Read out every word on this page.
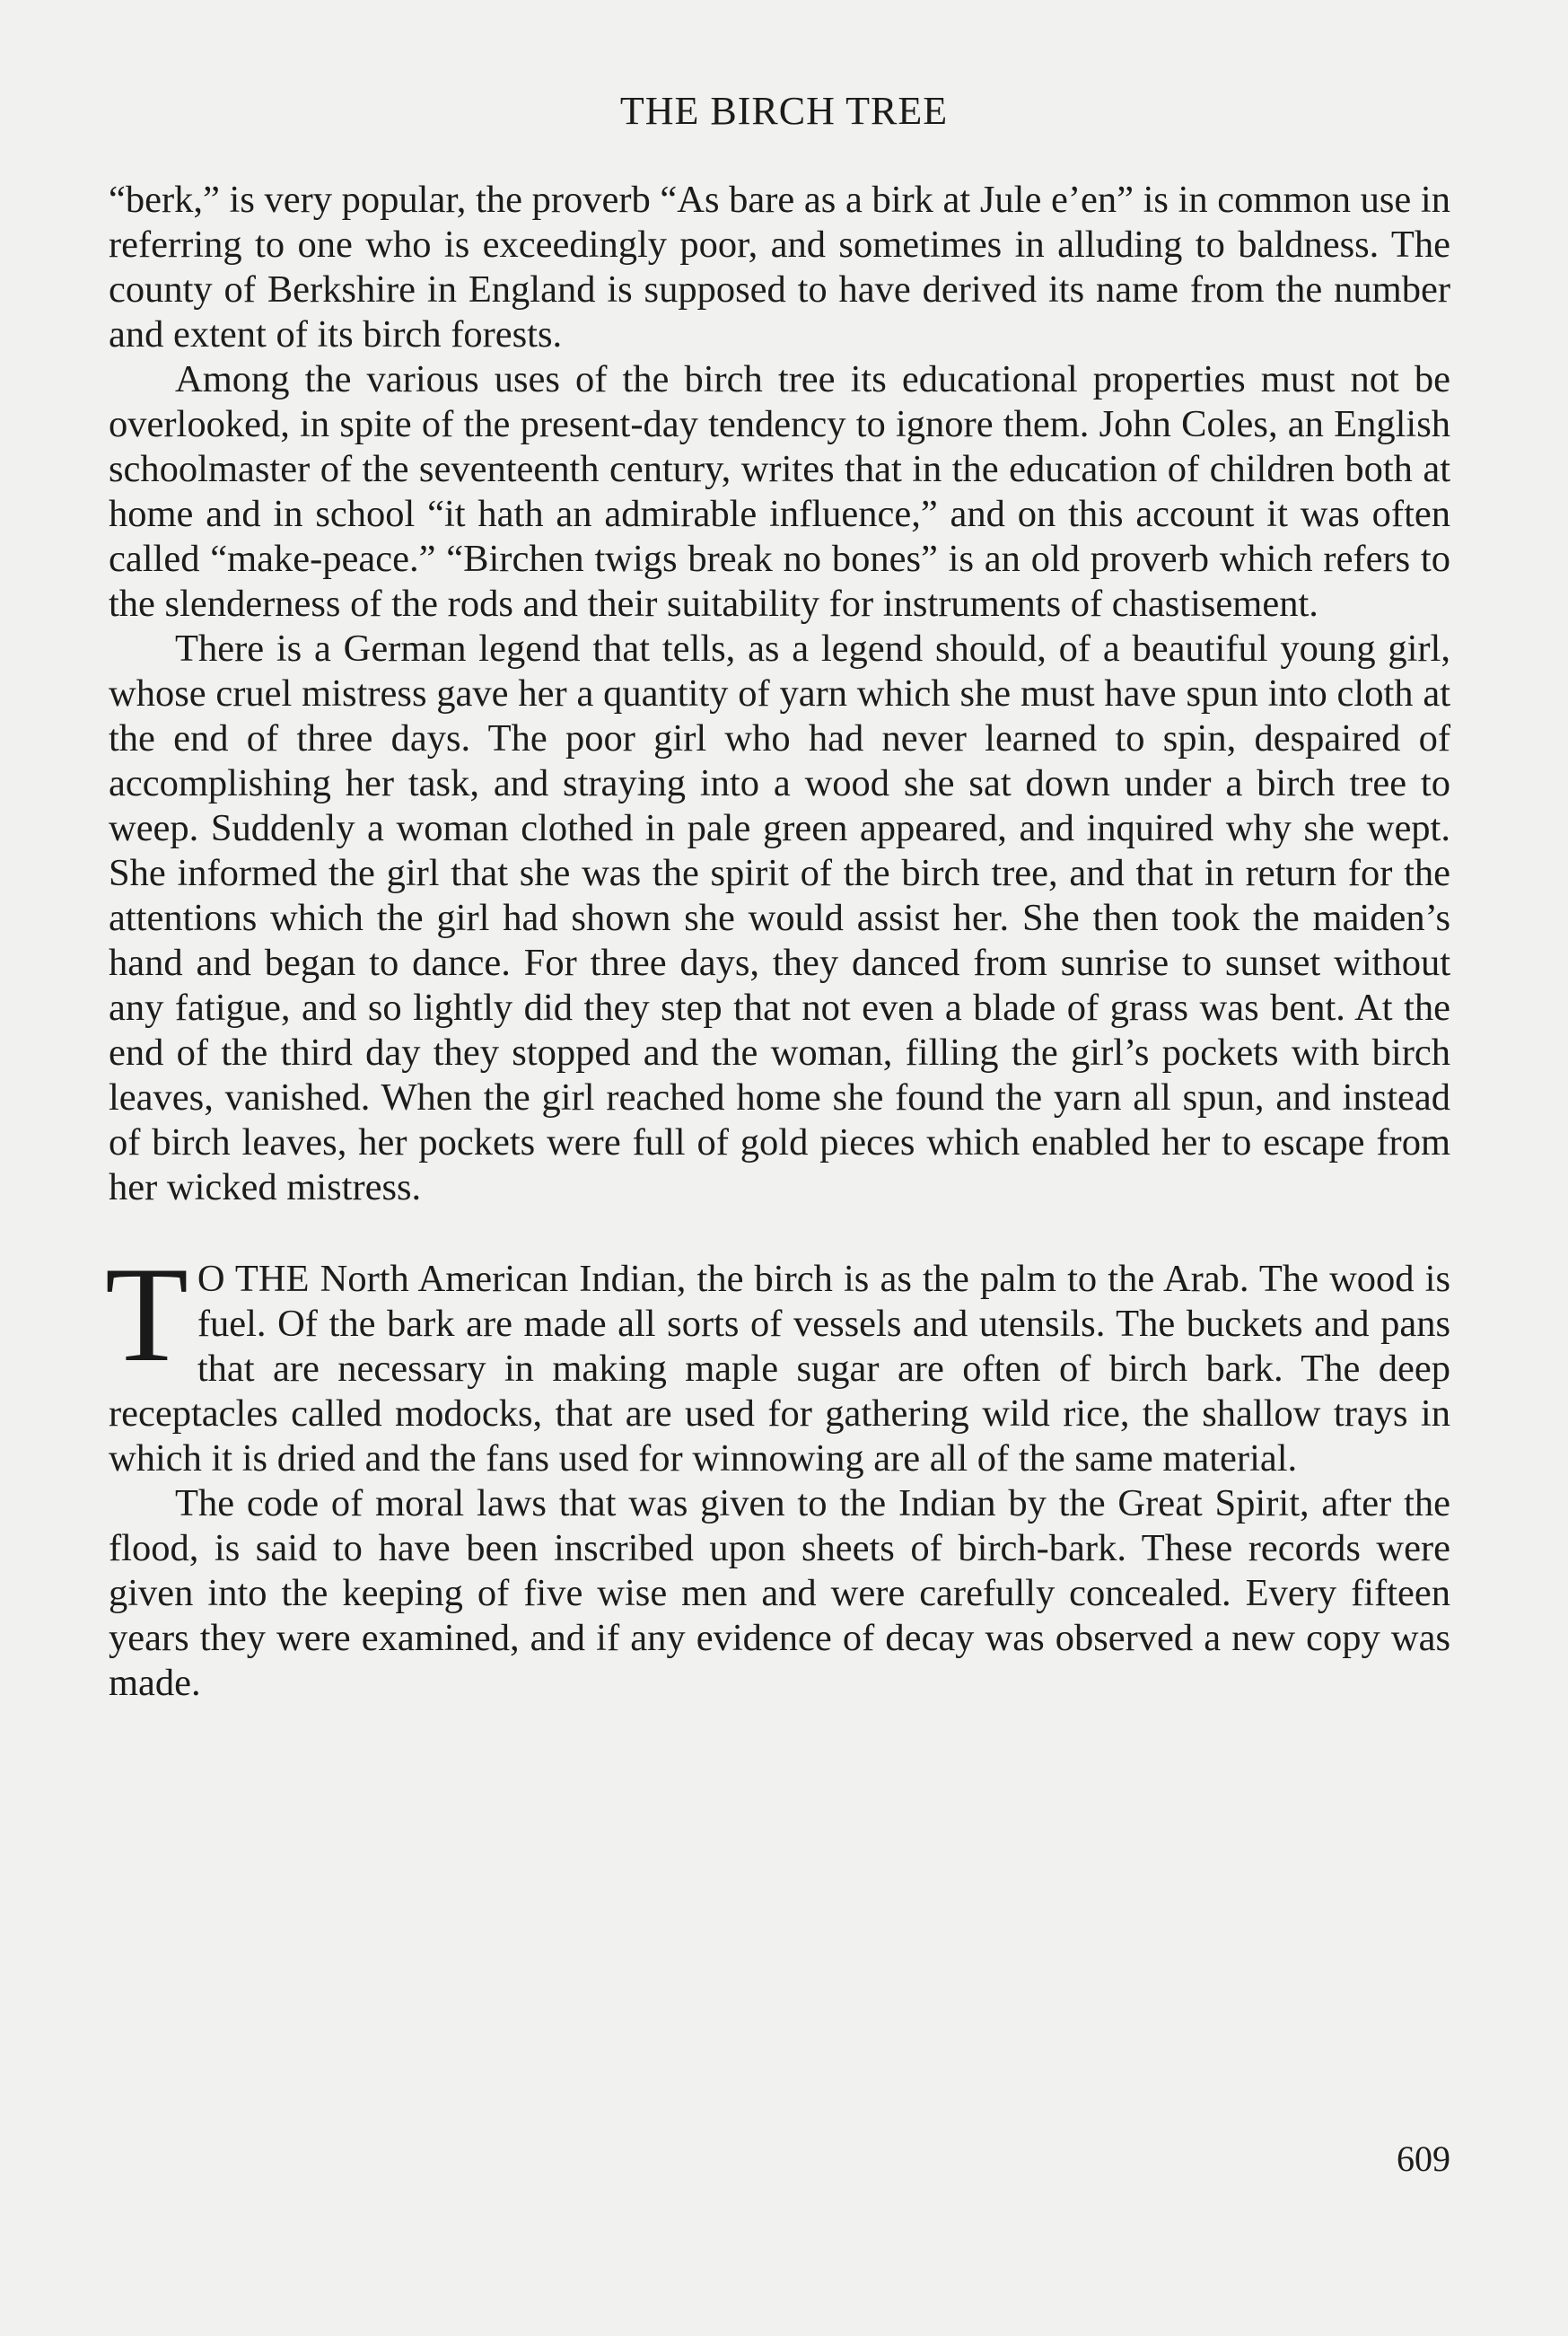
THE BIRCH TREE

“berk,” is very popular, the proverb “As bare as a birk at Jule e’en” is in common use in referring to one who is exceedingly poor, and sometimes in alluding to baldness. The county of Berkshire in England is supposed to have derived its name from the number and extent of its birch forests.

Among the various uses of the birch tree its educational properties must not be overlooked, in spite of the present-day tendency to ignore them. John Coles, an English schoolmaster of the seventeenth century, writes that in the education of children both at home and in school “it hath an admirable influence,” and on this account it was often called “make-peace.” “Birchen twigs break no bones” is an old proverb which refers to the slenderness of the rods and their suitability for instruments of chastisement.

There is a German legend that tells, as a legend should, of a beautiful young girl, whose cruel mistress gave her a quantity of yarn which she must have spun into cloth at the end of three days. The poor girl who had never learned to spin, despaired of accomplishing her task, and straying into a wood she sat down under a birch tree to weep. Suddenly a woman clothed in pale green appeared, and inquired why she wept. She informed the girl that she was the spirit of the birch tree, and that in return for the attentions which the girl had shown she would assist her. She then took the maiden’s hand and began to dance. For three days, they danced from sunrise to sunset without any fatigue, and so lightly did they step that not even a blade of grass was bent. At the end of the third day they stopped and the woman, filling the girl’s pockets with birch leaves, vanished. When the girl reached home she found the yarn all spun, and instead of birch leaves, her pockets were full of gold pieces which enabled her to escape from her wicked mistress.

T O THE North American Indian, the birch is as the palm to the Arab. The wood is fuel. Of the bark are made all sorts of vessels and utensils. The buckets and pans that are necessary in making maple sugar are often of birch bark. The deep receptacles called modocks, that are used for gathering wild rice, the shallow trays in which it is dried and the fans used for winnowing are all of the same material.

The code of moral laws that was given to the Indian by the Great Spirit, after the flood, is said to have been inscribed upon sheets of birch-bark. These records were given into the keeping of five wise men and were carefully concealed. Every fifteen years they were examined, and if any evidence of decay was observed a new copy was made.

609
